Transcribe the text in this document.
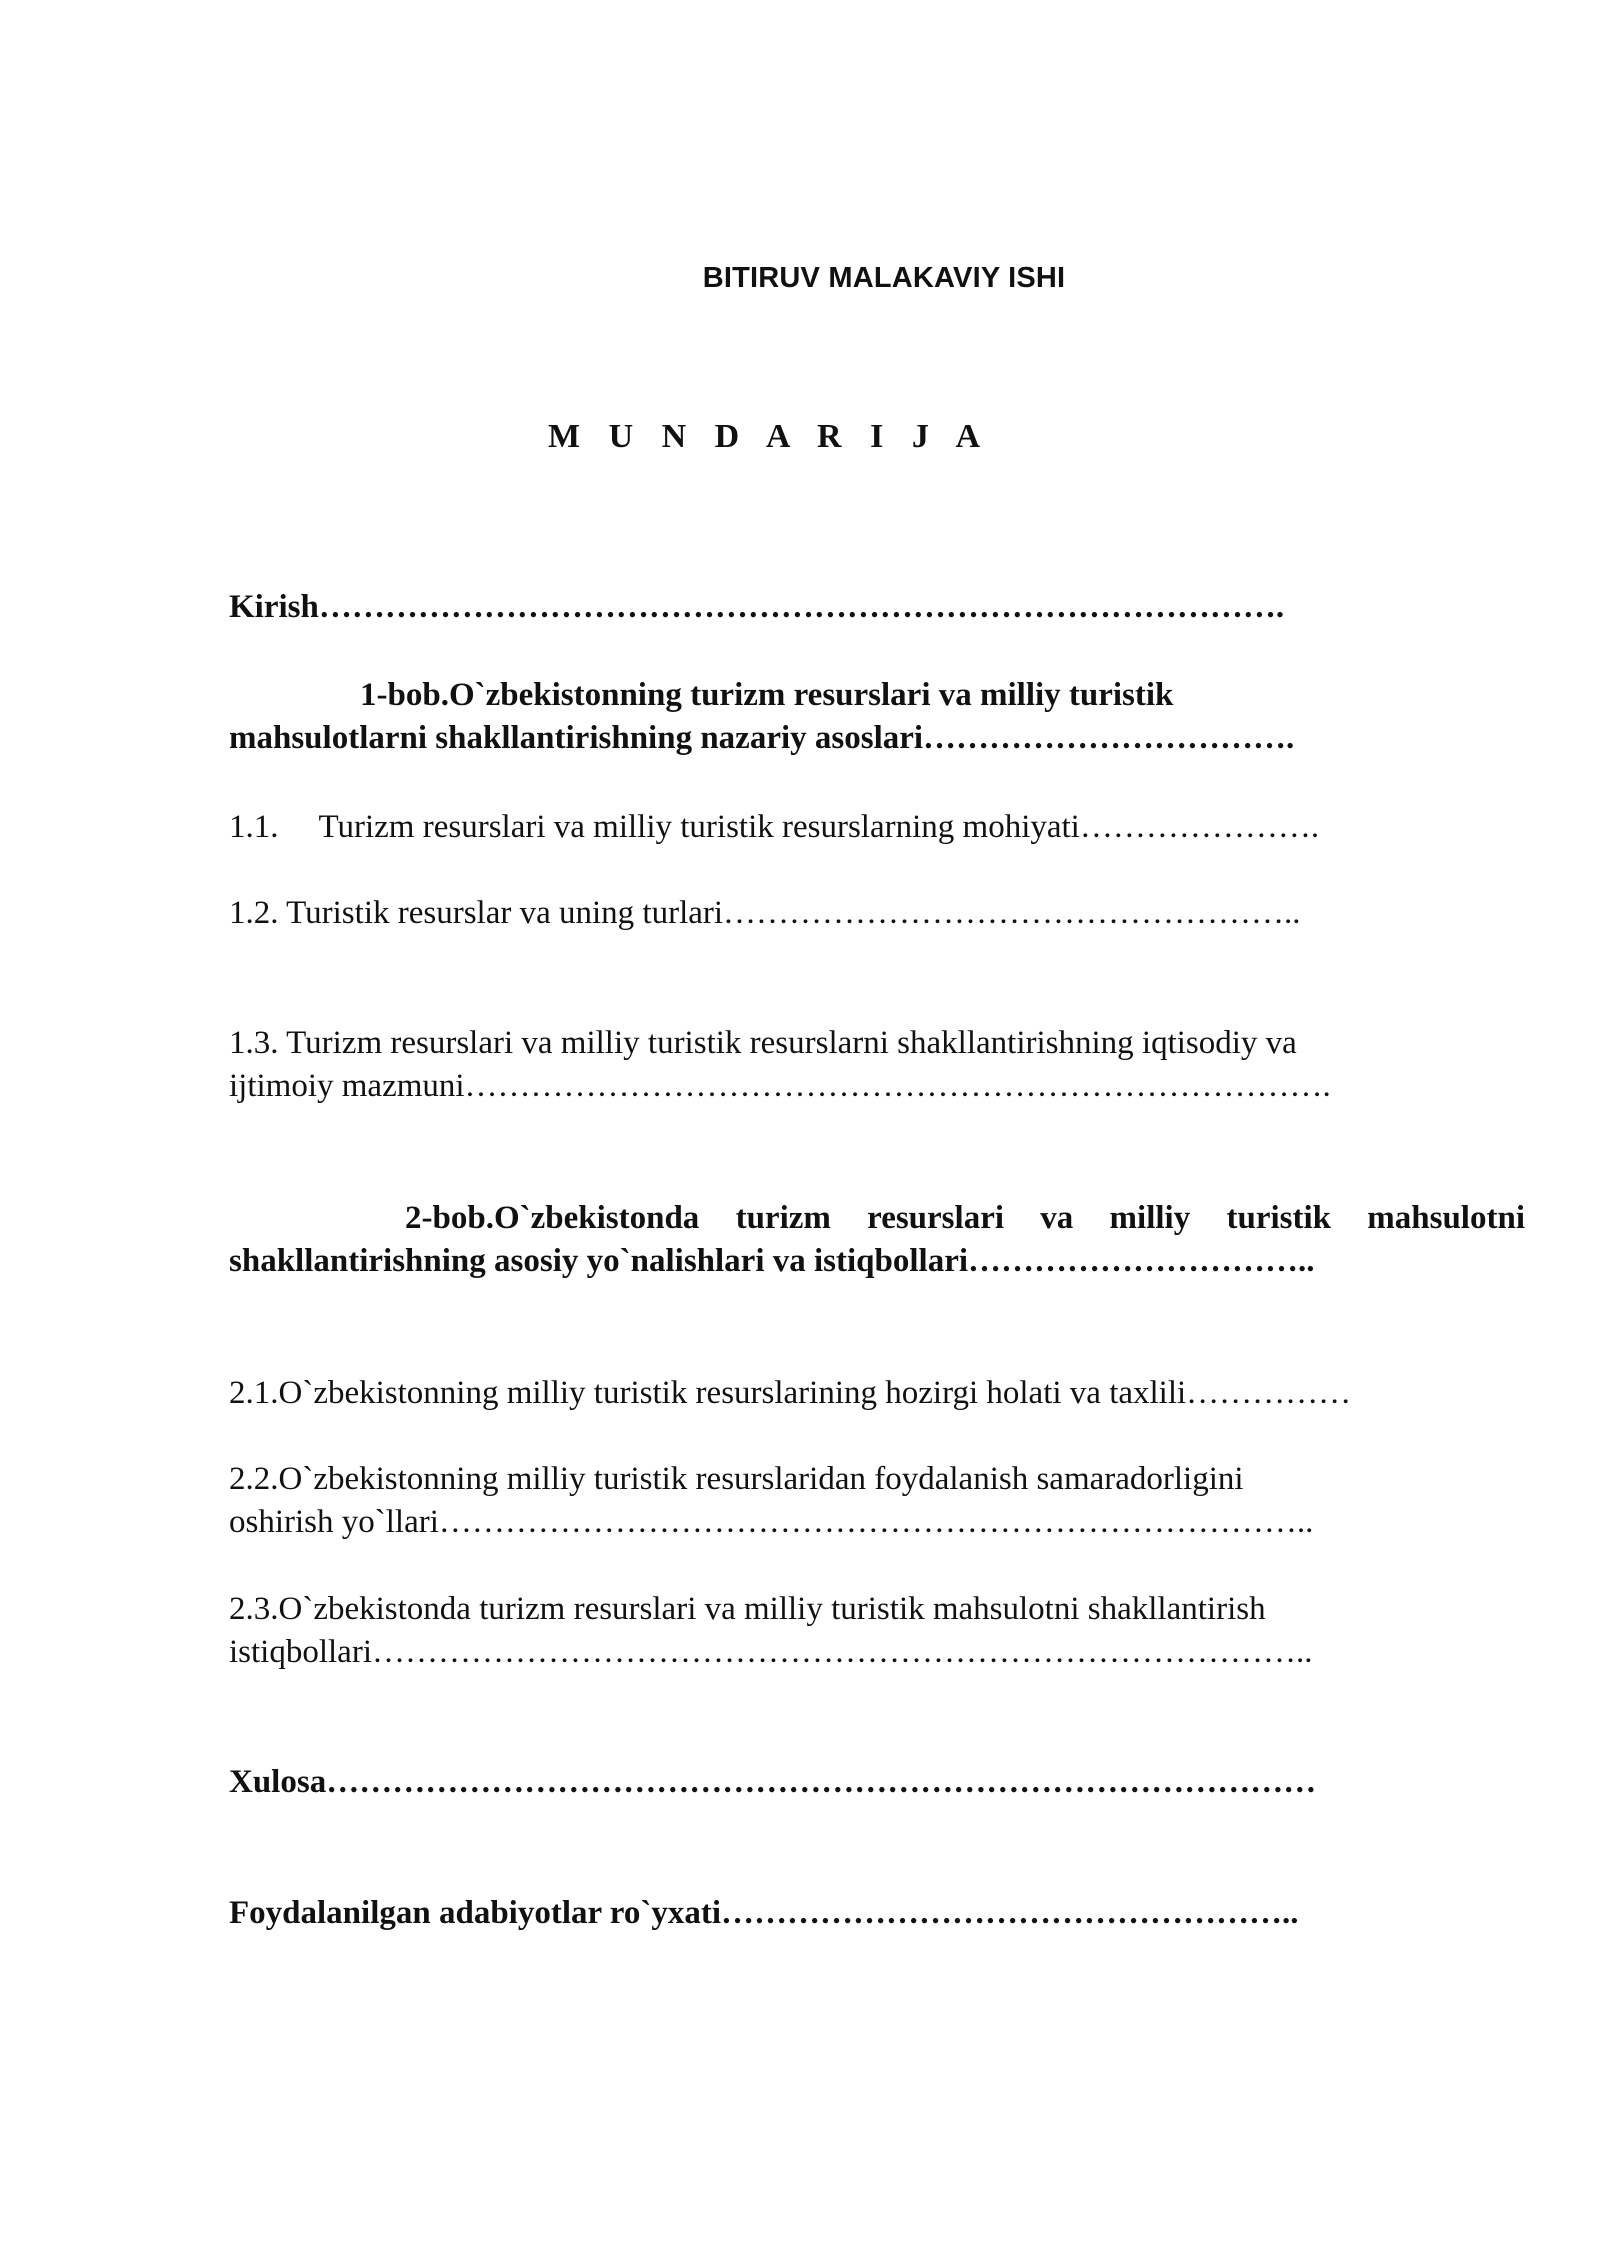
BITIRUV MALAKAVIY ISHI
M U N D A R I J A
Kirish…………………………………………………………………………….
1-bob.O`zbekistonning turizm resurslari va milliy turistik
mahsulotlarni shakllantirishning nazariy asoslari…………………………….
1.1. Turizm resurslari va milliy turistik resurslarning mohiyati………………….
1.2. Turistik resurslar va uning turlari……………………………………………..
1.3. Turizm resurslari va milliy turistik resurslarni shakllantirishning iqtisodiy va
ijtimoiy mazmuni…………………………………………………………………….
2-bob.O`zbekistonda turizm resurslari va milliy turistik mahsulotni
shakllantirishning asosiy yo`nalishlari va istiqbollari…………………………..
2.1.O`zbekistonning milliy turistik resurslarining hozirgi holati va taxlili……………
2.2.O`zbekistonning milliy turistik resurslaridan foydalanish samaradorligini
oshirish yo`llari……………………………………………………………………..
2.3.O`zbekistonda turizm resurslari va milliy turistik mahsulotni shakllantirish
istiqbollari…………………………………………………………………………..
Xulosa………………………………………………………………………………
Foydalanilgan adabiyotlar ro`yxati……………………………………………..
